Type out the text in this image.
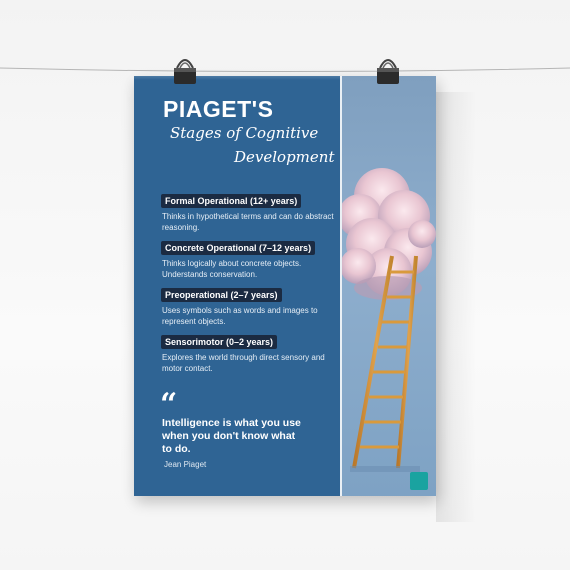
PIAGET'S
Stages of Cognitive
Development
Formal Operational (12+ years)
Thinks in hypothetical terms and can do abstract reasoning.
Concrete Operational (7–12 years)
Thinks logically about concrete objects. Understands conservation.
Preoperational (2–7 years)
Uses symbols such as words and images to represent objects.
Sensorimotor (0–2 years)
Explores the world through direct sensory and motor contact.
“
Intelligence is what you use when you don't know what to do.
Jean Piaget
